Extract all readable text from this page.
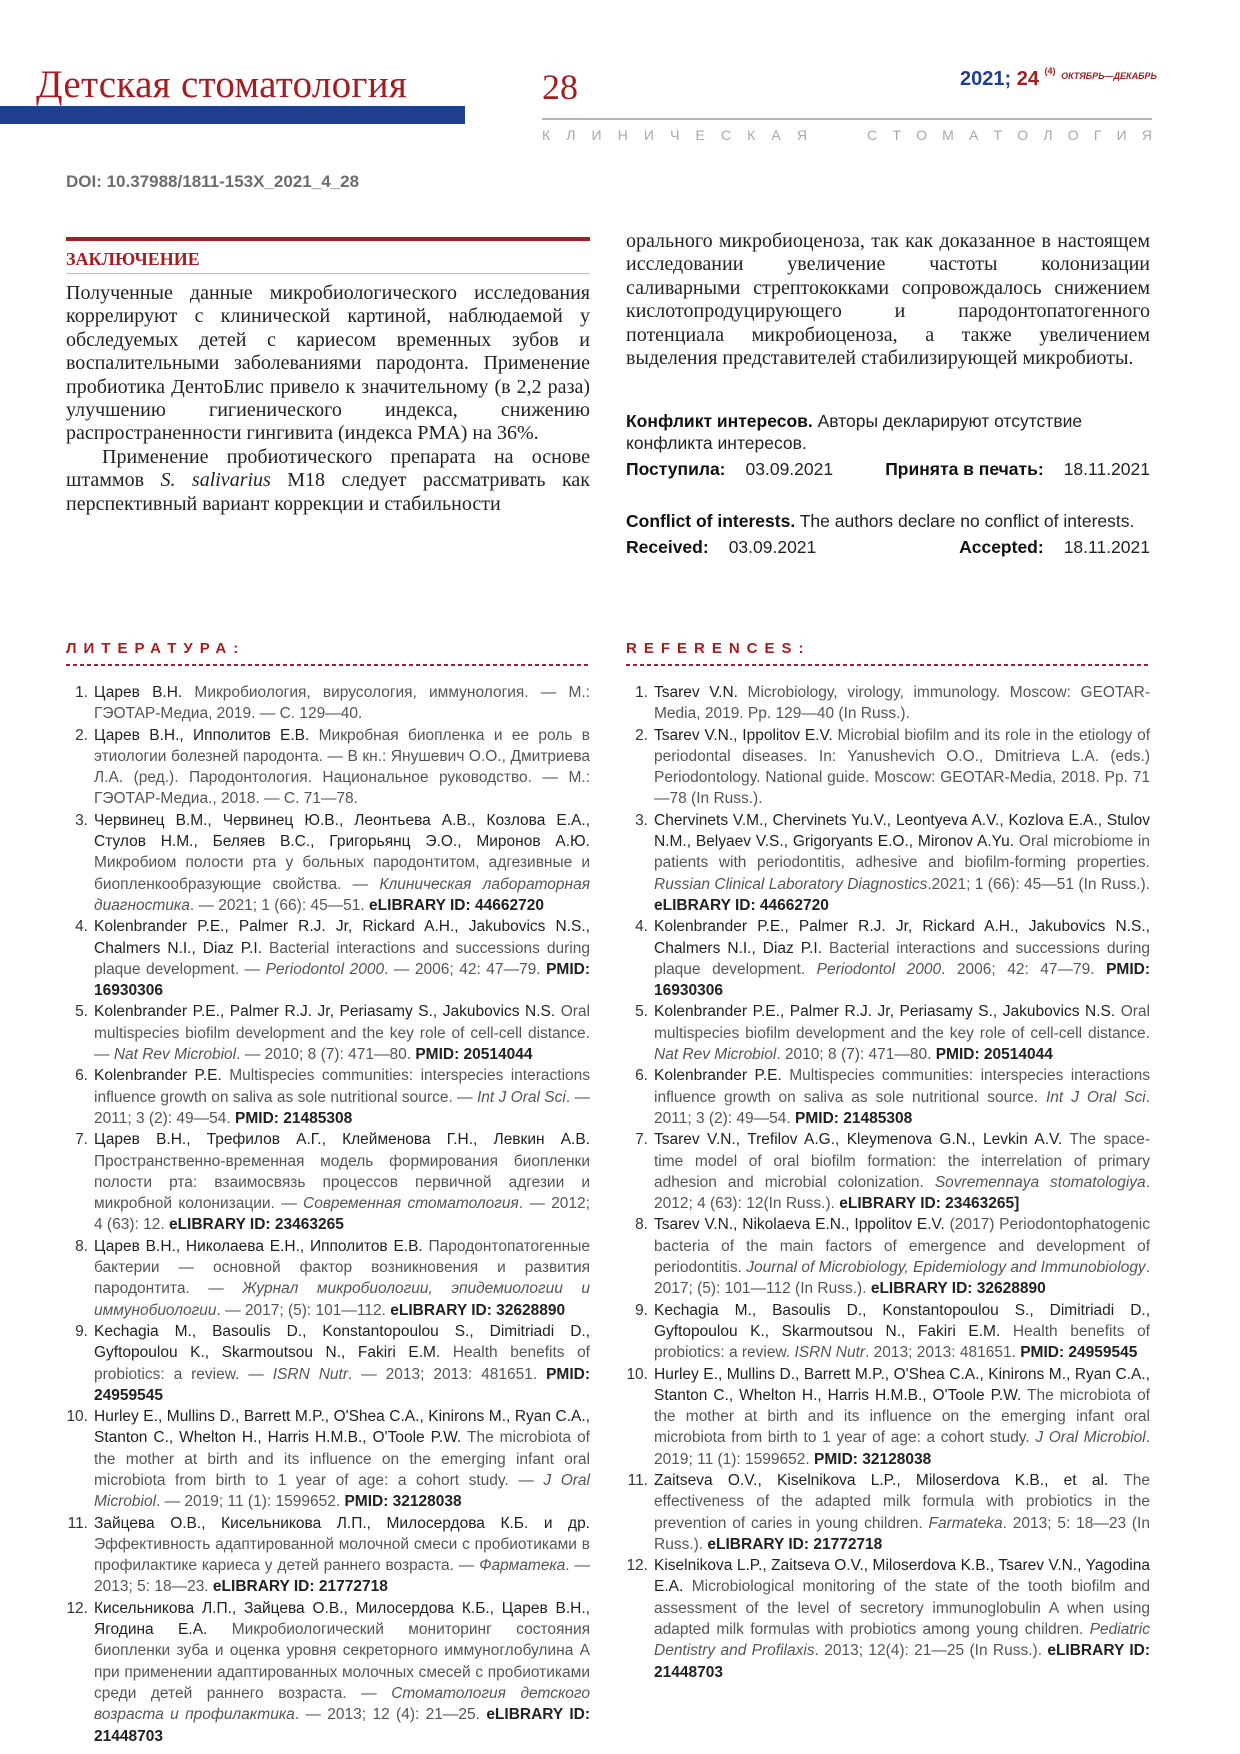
Детская стоматология	28	2021; 24 $^{(4)}$ $^{ОКТЯБРЬ—ДЕКАБРЬ}$
К Л И Н И Ч Е С К А Я	С Т О М А Т О Л О Г И Я
DOI: 10.37988/1811-153X_2021_4_28
ЗАКЛЮЧЕНИЕ

Полученные данные микробиологического исследования коррелируют с клинической картиной, наблюдаемой у обследуемых детей с кариесом временных зубов и воспалительными заболеваниями пародонта. Применение пробиотика ДентоБлис привело к значительному (в 2,2 раза) улучшению гигиенического индекса, снижению распространенности гингивита (индекса РМА) на 36%.

Применение пробиотического препарата на основе штаммов S. salivarius M18 следует рассматривать как перспективный вариант коррекции и стабильности

орального микробиоценоза, так как доказанное в настоящем исследовании увеличение частоты колонизации саливарными стрептококками сопровождалось снижением кислотопродуцирующего и пародонтопатогенного потенциала микробиоценоза, а также увеличением выделения представителей стабилизирующей микробиоты.

Конфликт интересов. Авторы декларируют отсутствие конфликта интересов.
Поступила: 03.09.2021	Принята в печать: 18.11.2021
Conflict of interests. The authors declare no conflict of interests.
Received: 03.09.2021	Accepted: 18.11.2021
ЛИТЕРАТУРА:
1. Царев В.Н. Микробиология, вирусология, иммунология. — М.: ГЭОТАР-Медиа, 2019. — С. 129—40.
2. Царев В.Н., Ипполитов Е.В. Микробная биопленка и ее роль в этиологии болезней пародонта. — В кн.: Янушевич О.О., Дмитриева Л.А. (ред.). Пародонтология. Национальное руководство. — М.: ГЭОТАР-Медиа., 2018. — С. 71—78.
3. Червинец В.М., Червинец Ю.В., Леонтьева А.В., Козлова Е.А., Стулов Н.М., Беляев В.С., Григорьянц Э.О., Миронов А.Ю. Микробиом полости рта у больных пародонтитом, адгезивные и биопленкообразующие свойства. — Клиническая лабораторная диагностика. — 2021; 1 (66): 45—51. eLIBRARY ID: 44662720
4. Kolenbrander P.E., Palmer R.J. Jr, Rickard A.H., Jakubovics N.S., Chalmers N.I., Diaz P.I. Bacterial interactions and successions during plaque development. — Periodontol 2000. — 2006; 42: 47—79. PMID: 16930306
5. Kolenbrander P.E., Palmer R.J. Jr, Periasamy S., Jakubovics N.S. Oral multispecies biofilm development and the key role of cell-cell distance. — Nat Rev Microbiol. — 2010; 8 (7): 471—80. PMID: 20514044
6. Kolenbrander P.E. Multispecies communities: interspecies interactions influence growth on saliva as sole nutritional source. — Int J Oral Sci. — 2011; 3 (2): 49—54. PMID: 21485308
7. Царев В.Н., Трефилов А.Г., Клейменова Г.Н., Левкин А.В. Пространственно-временная модель формирования биопленки полости рта: взаимосвязь процессов первичной адгезии и микробной колонизации. — Современная стоматология. — 2012; 4 (63): 12. eLIBRARY ID: 23463265
8. Царев В.Н., Николаева Е.Н., Ипполитов Е.В. Пародонтопатогенные бактерии — основной фактор возникновения и развития пародонтита. — Журнал микробиологии, эпидемиологии и иммунобиологии. — 2017; (5): 101—112. eLIBRARY ID: 32628890
9. Kechagia M., Basoulis D., Konstantopoulou S., Dimitriadi D., Gyftopoulou K., Skarmoutsou N., Fakiri E.M. Health benefits of probiotics: a review. — ISRN Nutr. — 2013; 2013: 481651. PMID: 24959545
10. Hurley E., Mullins D., Barrett M.P., O'Shea C.A., Kinirons M., Ryan C.A., Stanton C., Whelton H., Harris H.M.B., O'Toole P.W. The microbiota of the mother at birth and its influence on the emerging infant oral microbiota from birth to 1 year of age: a cohort study. — J Oral Microbiol. — 2019; 11 (1): 1599652. PMID: 32128038
11. Зайцева О.В., Кисельникова Л.П., Милосердова К.Б. и др. Эффективность адаптированной молочной смеси с пробиотиками в профилактике кариеса у детей раннего возраста. — Фарматека. — 2013; 5: 18—23. eLIBRARY ID: 21772718
12. Кисельникова Л.П., Зайцева О.В., Милосердова К.Б., Царев В.Н., Ягодина Е.А. Микробиологический мониторинг состояния биопленки зуба и оценка уровня секреторного иммуноглобулина А при применении адаптированных молочных смесей с пробиотиками среди детей раннего возраста. — Стоматология детского возраста и профилактика. — 2013; 12 (4): 21—25. eLIBRARY ID: 21448703
REFERENCES:
1. Tsarev V.N. Microbiology, virology, immunology. Moscow: GEOTAR-Media, 2019. Pp. 129—40 (In Russ.).
2. Tsarev V.N., Ippolitov E.V. Microbial biofilm and its role in the etiology of periodontal diseases. In: Yanushevich O.O., Dmitrieva L.A. (eds.) Periodontology. National guide. Moscow: GEOTAR-Media, 2018. Pp. 71—78 (In Russ.).
3. Chervinets V.M., Chervinets Yu.V., Leontyeva A.V., Kozlova E.A., Stulov N.M., Belyaev V.S., Grigoryants E.O., Mironov A.Yu. Oral microbiome in patients with periodontitis, adhesive and biofilm-forming properties. Russian Clinical Laboratory Diagnostics.2021; 1 (66): 45—51 (In Russ.). eLIBRARY ID: 44662720
4. Kolenbrander P.E., Palmer R.J. Jr, Rickard A.H., Jakubovics N.S., Chalmers N.I., Diaz P.I. Bacterial interactions and successions during plaque development. Periodontol 2000. 2006; 42: 47—79. PMID: 16930306
5. Kolenbrander P.E., Palmer R.J. Jr, Periasamy S., Jakubovics N.S. Oral multispecies biofilm development and the key role of cell-cell distance. Nat Rev Microbiol. 2010; 8 (7): 471—80. PMID: 20514044
6. Kolenbrander P.E. Multispecies communities: interspecies interactions influence growth on saliva as sole nutritional source. Int J Oral Sci. 2011; 3 (2): 49—54. PMID: 21485308
7. Tsarev V.N., Trefilov A.G., Kleymenova G.N., Levkin A.V. The space-time model of oral biofilm formation: the interrelation of primary adhesion and microbial colonization. Sovremennaya stomatologiya. 2012; 4 (63): 12(In Russ.). eLIBRARY ID: 23463265]
8. Tsarev V.N., Nikolaeva E.N., Ippolitov E.V. (2017) Periodontophatogenic bacteria of the main factors of emergence and development of periodontitis. Journal of Microbiology, Epidemiology and Immunobiology. 2017; (5): 101—112 (In Russ.). eLIBRARY ID: 32628890
9. Kechagia M., Basoulis D., Konstantopoulou S., Dimitriadi D., Gyftopoulou K., Skarmoutsou N., Fakiri E.M. Health benefits of probiotics: a review. ISRN Nutr. 2013; 2013: 481651. PMID: 24959545
10. Hurley E., Mullins D., Barrett M.P., O'Shea C.A., Kinirons M., Ryan C.A., Stanton C., Whelton H., Harris H.M.B., O'Toole P.W. The microbiota of the mother at birth and its influence on the emerging infant oral microbiota from birth to 1 year of age: a cohort study. J Oral Microbiol. 2019; 11 (1): 1599652. PMID: 32128038
11. Zaitseva O.V., Kiselnikova L.P., Miloserdova K.B., et al. The effectiveness of the adapted milk formula with probiotics in the prevention of caries in young children. Farmateka. 2013; 5: 18—23 (In Russ.). eLIBRARY ID: 21772718
12. Kiselnikova L.P., Zaitseva O.V., Miloserdova K.B., Tsarev V.N., Yagodina E.A. Microbiological monitoring of the state of the tooth biofilm and assessment of the level of secretory immunoglobulin A when using adapted milk formulas with probiotics among young children. Pediatric Dentistry and Profilaxis. 2013; 12(4): 21—25 (In Russ.). eLIBRARY ID: 21448703
